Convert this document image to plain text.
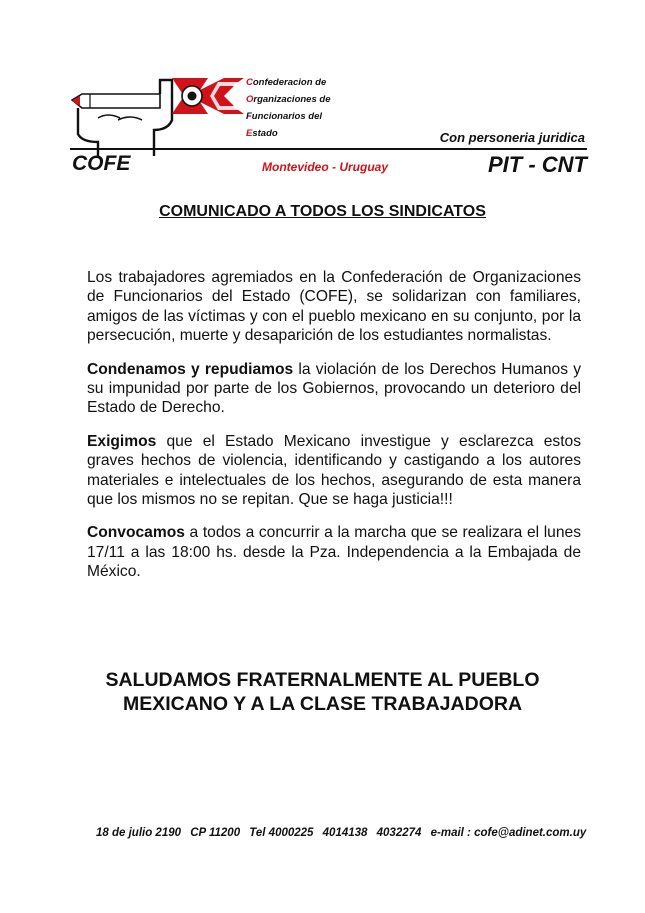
Confederacion de
Organizaciones de
Funcionarios del
Estado	Con personeria juridica
COFE	Montevideo - Uruguay	PIT - CNT
COMUNICADO A TODOS LOS SINDICATOS

Los trabajadores agremiados en la Confederación de Organizaciones de Funcionarios del Estado (COFE), se solidarizan con familiares, amigos de las víctimas y con el pueblo mexicano en su conjunto, por la persecución, muerte y desaparición de los estudiantes normalistas.

Condenamos y repudiamos la violación de los Derechos Humanos y su impunidad por parte de los Gobiernos, provocando un deterioro del Estado de Derecho.

Exigimos que el Estado Mexicano investigue y esclarezca estos graves hechos de violencia, identificando y castigando a los autores materiales e intelectuales de los hechos, asegurando de esta manera que los mismos no se repitan. Que se haga justicia!!!

Convocamos a todos a concurrir a la marcha que se realizara el lunes 17/11 a las 18:00 hs. desde la Pza. Independencia a la Embajada de México.

SALUDAMOS FRATERNALMENTE AL PUEBLO
MEXICANO Y A LA CLASE TRABAJADORA
18 de julio 2190 CP 11200 Tel 4000225 4014138 4032274 e-mail : cofe@adinet.com.uy
